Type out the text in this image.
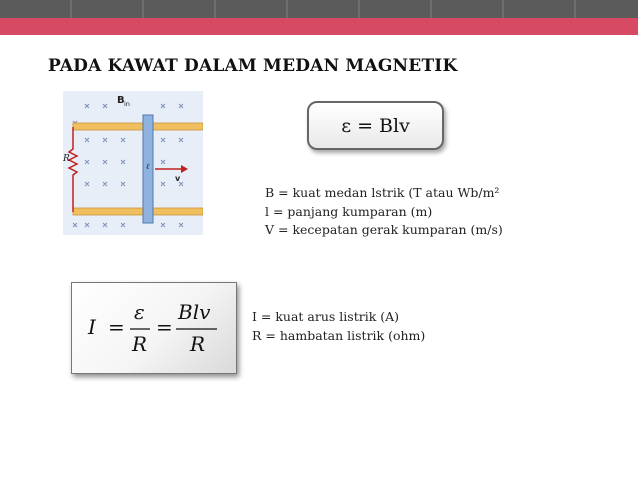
PADA KAWAT DALAM MEDAN MAGNETIK
B in
R
ℓ
v
ε = Blv
B = kuat medan lstrik (T atau Wb/m²
l = panjang kumparan (m)
V = kecepatan gerak kumparan (m/s)
I =
ε
R
=
Blv
R
I = kuat arus listrik (A)
R = hambatan listrik (ohm)
